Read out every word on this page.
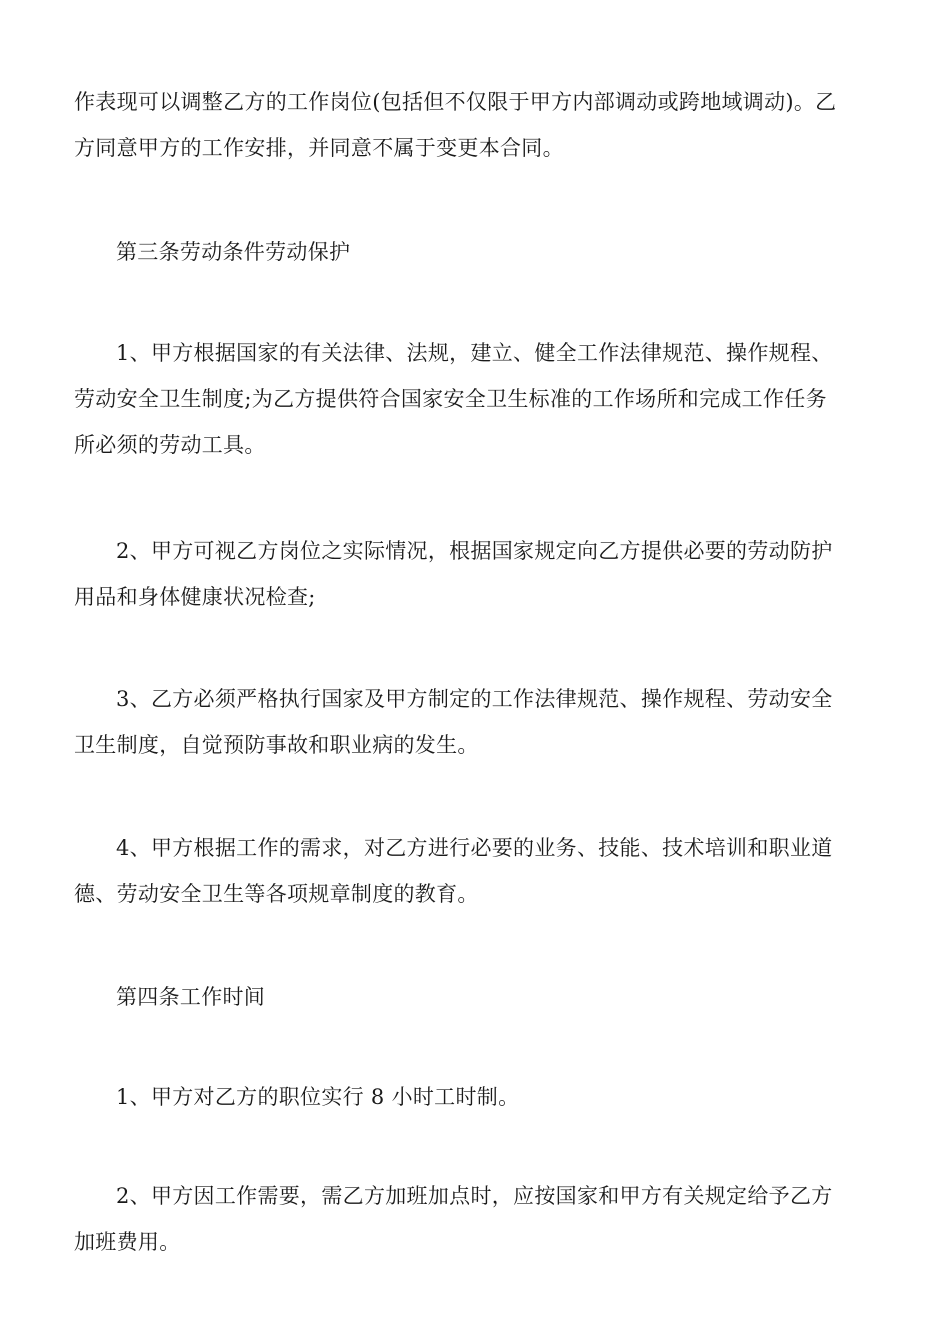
作表现可以调整乙方的工作岗位(包括但不仅限于甲方内部调动或跨地域调动)。乙
方同意甲方的工作安排，并同意不属于变更本合同。
第三条劳动条件劳动保护
1、甲方根据国家的有关法律、法规，建立、健全工作法律规范、操作规程、
劳动安全卫生制度;为乙方提供符合国家安全卫生标准的工作场所和完成工作任务
所必须的劳动工具。
2、甲方可视乙方岗位之实际情况，根据国家规定向乙方提供必要的劳动防护
用品和身体健康状况检查;
3、乙方必须严格执行国家及甲方制定的工作法律规范、操作规程、劳动安全
卫生制度，自觉预防事故和职业病的发生。
4、甲方根据工作的需求，对乙方进行必要的业务、技能、技术培训和职业道
德、劳动安全卫生等各项规章制度的教育。
第四条工作时间
1、甲方对乙方的职位实行 8 小时工时制。
2、甲方因工作需要，需乙方加班加点时，应按国家和甲方有关规定给予乙方
加班费用。
